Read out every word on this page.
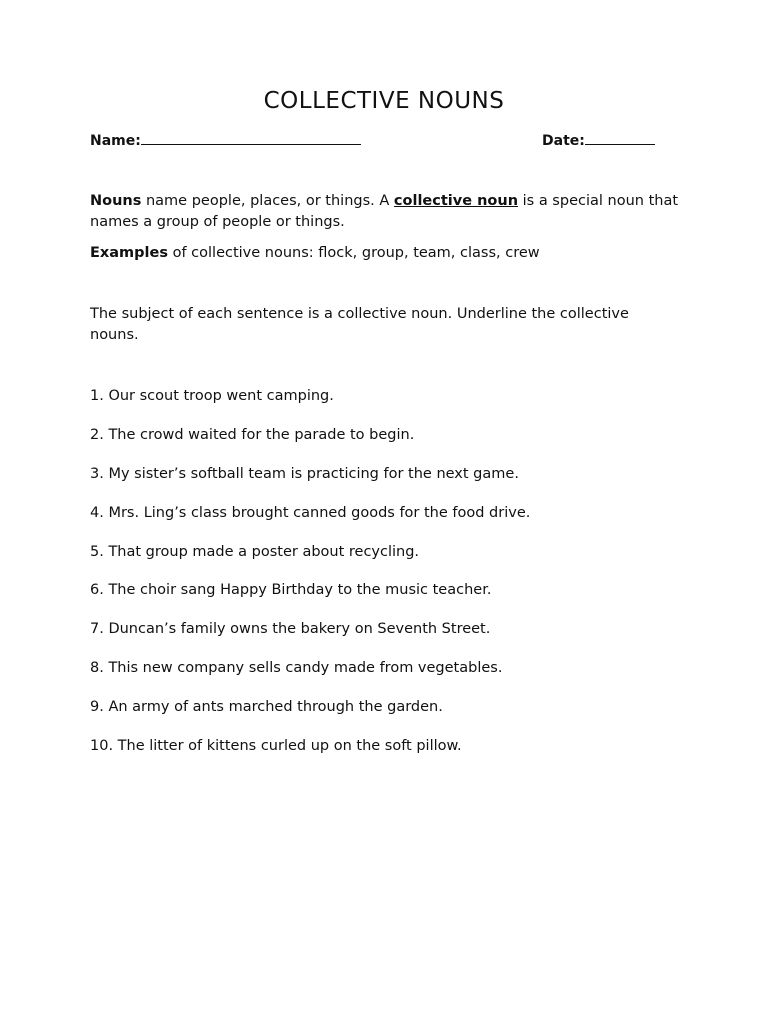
COLLECTIVE NOUNS
Name:	Date:

Nouns name people, places, or things. A collective noun is a special noun that names a group of people or things.

Examples of collective nouns: flock, group, team, class, crew

The subject of each sentence is a collective noun. Underline the collective nouns.

1. Our scout troop went camping.
2. The crowd waited for the parade to begin.
3. My sister’s softball team is practicing for the next game.
4. Mrs. Ling’s class brought canned goods for the food drive.
5. That group made a poster about recycling.
6. The choir sang Happy Birthday to the music teacher.
7. Duncan’s family owns the bakery on Seventh Street.
8. This new company sells candy made from vegetables.
9. An army of ants marched through the garden.
10. The litter of kittens curled up on the soft pillow.
